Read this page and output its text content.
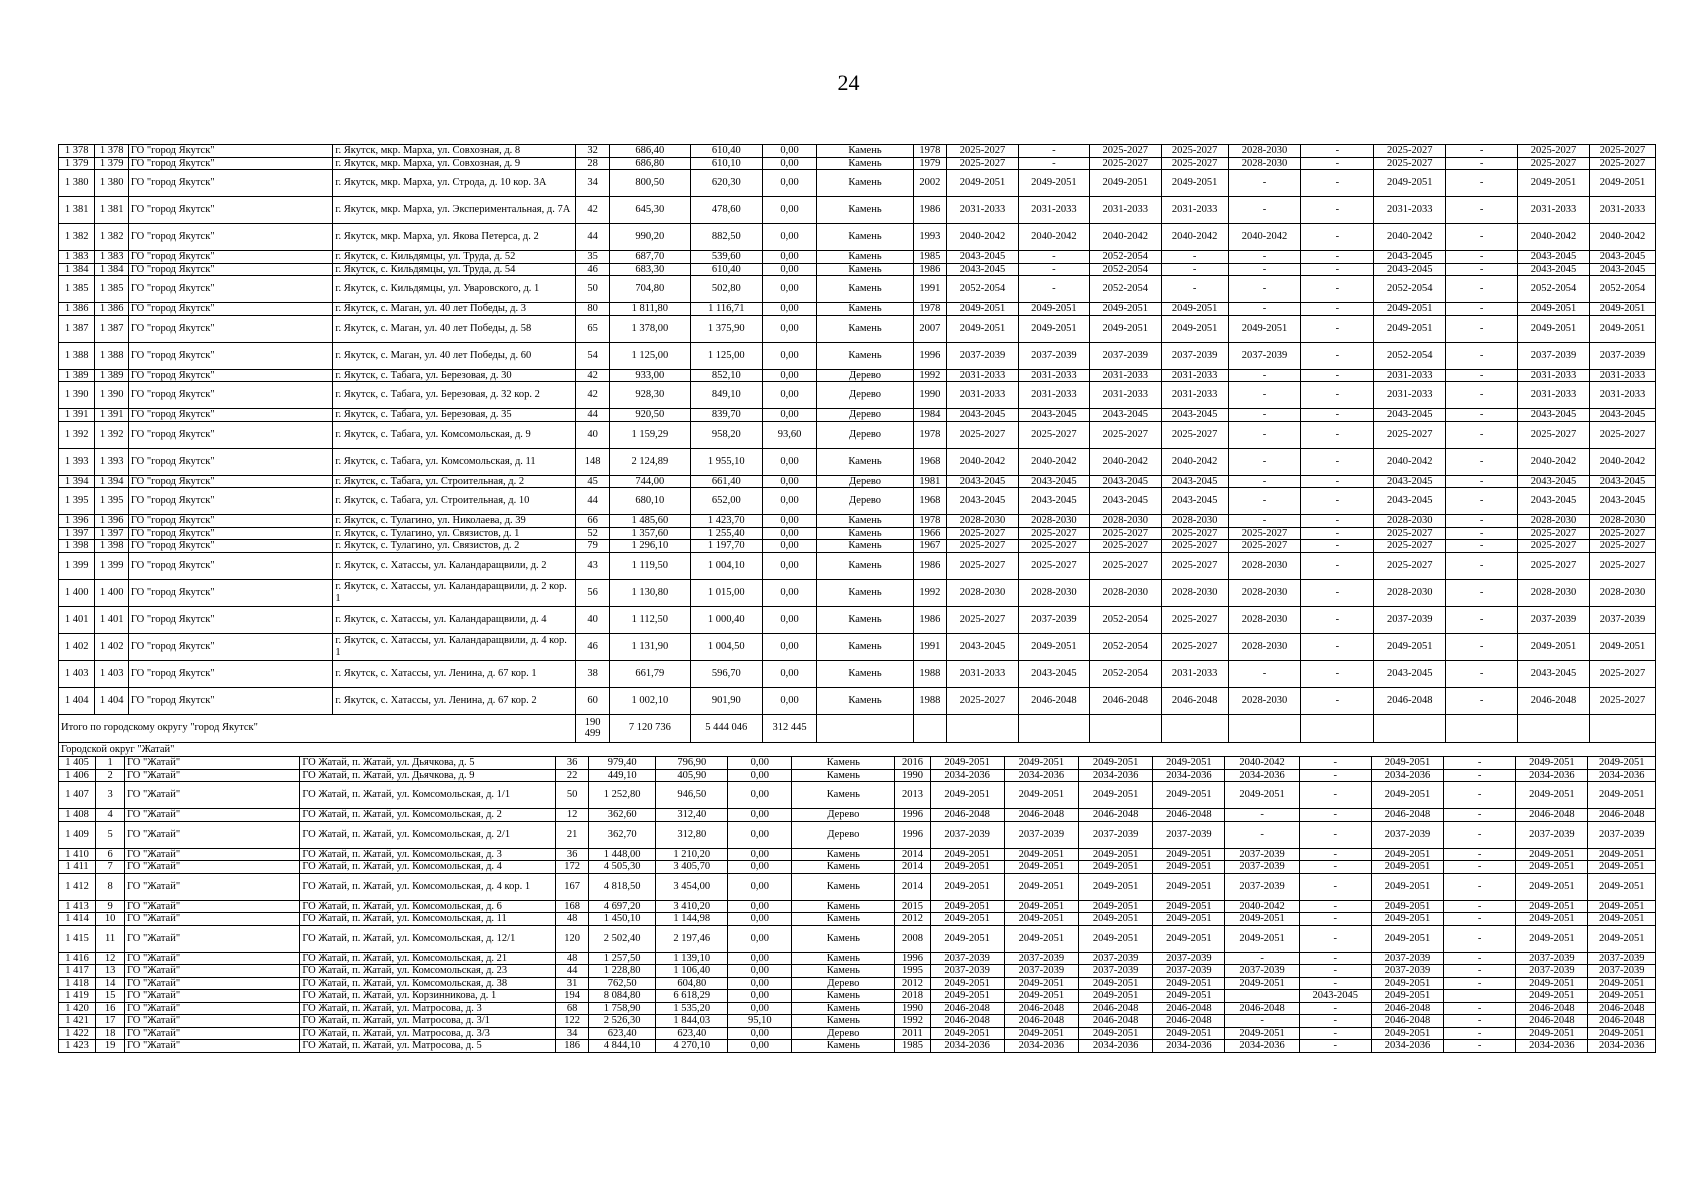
24
1 378	1 378	ГО "город Якутск"	г. Якутск, мкр. Марха, ул. Совхозная, д. 8	32	686,40	610,40	0,00	Камень	1978	2025-2027	-	2025-2027	2025-2027	2028-2030	-	2025-2027	-	2025-2027	2025-2027
1 379	1 379	ГО "город Якутск"	г. Якутск, мкр. Марха, ул. Совхозная, д. 9	28	686,80	610,10	0,00	Камень	1979	2025-2027	-	2025-2027	2025-2027	2028-2030	-	2025-2027	-	2025-2027	2025-2027
1 380	1 380	ГО "город Якутск"	г. Якутск, мкр. Марха, ул. Строда, д. 10 кор. 3А	34	800,50	620,30	0,00	Камень	2002	2049-2051	2049-2051	2049-2051	2049-2051	-	-	2049-2051	-	2049-2051	2049-2051
1 381	1 381	ГО "город Якутск"	г. Якутск, мкр. Марха, ул. Экспериментальная, д. 7А	42	645,30	478,60	0,00	Камень	1986	2031-2033	2031-2033	2031-2033	2031-2033	-	-	2031-2033	-	2031-2033	2031-2033
1 382	1 382	ГО "город Якутск"	г. Якутск, мкр. Марха, ул. Якова Петерса, д. 2	44	990,20	882,50	0,00	Камень	1993	2040-2042	2040-2042	2040-2042	2040-2042	2040-2042	-	2040-2042	-	2040-2042	2040-2042
1 383	1 383	ГО "город Якутск"	г. Якутск, с. Кильдямцы, ул. Труда, д. 52	35	687,70	539,60	0,00	Камень	1985	2043-2045	-	2052-2054	-	-	-	2043-2045	-	2043-2045	2043-2045
1 384	1 384	ГО "город Якутск"	г. Якутск, с. Кильдямцы, ул. Труда, д. 54	46	683,30	610,40	0,00	Камень	1986	2043-2045	-	2052-2054	-	-	-	2043-2045	-	2043-2045	2043-2045
1 385	1 385	ГО "город Якутск"	г. Якутск, с. Кильдямцы, ул. Уваровского, д. 1	50	704,80	502,80	0,00	Камень	1991	2052-2054	-	2052-2054	-	-	-	2052-2054	-	2052-2054	2052-2054
1 386	1 386	ГО "город Якутск"	г. Якутск, с. Маган, ул. 40 лет Победы, д. 3	80	1 811,80	1 116,71	0,00	Камень	1978	2049-2051	2049-2051	2049-2051	2049-2051	-	-	2049-2051	-	2049-2051	2049-2051
1 387	1 387	ГО "город Якутск"	г. Якутск, с. Маган, ул. 40 лет Победы, д. 58	65	1 378,00	1 375,90	0,00	Камень	2007	2049-2051	2049-2051	2049-2051	2049-2051	2049-2051	-	2049-2051	-	2049-2051	2049-2051
1 388	1 388	ГО "город Якутск"	г. Якутск, с. Маган, ул. 40 лет Победы, д. 60	54	1 125,00	1 125,00	0,00	Камень	1996	2037-2039	2037-2039	2037-2039	2037-2039	2037-2039	-	2052-2054	-	2037-2039	2037-2039
1 389	1 389	ГО "город Якутск"	г. Якутск, с. Табага, ул. Березовая, д. 30	42	933,00	852,10	0,00	Дерево	1992	2031-2033	2031-2033	2031-2033	2031-2033	-	-	2031-2033	-	2031-2033	2031-2033
1 390	1 390	ГО "город Якутск"	г. Якутск, с. Табага, ул. Березовая, д. 32 кор. 2	42	928,30	849,10	0,00	Дерево	1990	2031-2033	2031-2033	2031-2033	2031-2033	-	-	2031-2033	-	2031-2033	2031-2033
1 391	1 391	ГО "город Якутск"	г. Якутск, с. Табага, ул. Березовая, д. 35	44	920,50	839,70	0,00	Дерево	1984	2043-2045	2043-2045	2043-2045	2043-2045	-	-	2043-2045	-	2043-2045	2043-2045
1 392	1 392	ГО "город Якутск"	г. Якутск, с. Табага, ул. Комсомольская, д. 9	40	1 159,29	958,20	93,60	Дерево	1978	2025-2027	2025-2027	2025-2027	2025-2027	-	-	2025-2027	-	2025-2027	2025-2027
1 393	1 393	ГО "город Якутск"	г. Якутск, с. Табага, ул. Комсомольская, д. 11	148	2 124,89	1 955,10	0,00	Камень	1968	2040-2042	2040-2042	2040-2042	2040-2042	-	-	2040-2042	-	2040-2042	2040-2042
1 394	1 394	ГО "город Якутск"	г. Якутск, с. Табага, ул. Строительная, д. 2	45	744,00	661,40	0,00	Дерево	1981	2043-2045	2043-2045	2043-2045	2043-2045	-	-	2043-2045	-	2043-2045	2043-2045
1 395	1 395	ГО "город Якутск"	г. Якутск, с. Табага, ул. Строительная, д. 10	44	680,10	652,00	0,00	Дерево	1968	2043-2045	2043-2045	2043-2045	2043-2045	-	-	2043-2045	-	2043-2045	2043-2045
1 396	1 396	ГО "город Якутск"	г. Якутск, с. Тулагино, ул. Николаева, д. 39	66	1 485,60	1 423,70	0,00	Камень	1978	2028-2030	2028-2030	2028-2030	2028-2030	-	-	2028-2030	-	2028-2030	2028-2030
1 397	1 397	ГО "город Якутск"	г. Якутск, с. Тулагино, ул. Связистов, д. 1	52	1 357,60	1 255,40	0,00	Камень	1966	2025-2027	2025-2027	2025-2027	2025-2027	2025-2027	-	2025-2027	-	2025-2027	2025-2027
1 398	1 398	ГО "город Якутск"	г. Якутск, с. Тулагино, ул. Связистов, д. 2	79	1 296,10	1 197,70	0,00	Камень	1967	2025-2027	2025-2027	2025-2027	2025-2027	2025-2027	-	2025-2027	-	2025-2027	2025-2027
1 399	1 399	ГО "город Якутск"	г. Якутск, с. Хатассы, ул. Каландаращвили, д. 2	43	1 119,50	1 004,10	0,00	Камень	1986	2025-2027	2025-2027	2025-2027	2025-2027	2028-2030	-	2025-2027	-	2025-2027	2025-2027
1 400	1 400	ГО "город Якутск"	г. Якутск, с. Хатассы, ул. Каландаращвили, д. 2 кор. 1	56	1 130,80	1 015,00	0,00	Камень	1992	2028-2030	2028-2030	2028-2030	2028-2030	2028-2030	-	2028-2030	-	2028-2030	2028-2030
1 401	1 401	ГО "город Якутск"	г. Якутск, с. Хатассы, ул. Каландаращвили, д. 4	40	1 112,50	1 000,40	0,00	Камень	1986	2025-2027	2037-2039	2052-2054	2025-2027	2028-2030	-	2037-2039	-	2037-2039	2037-2039
1 402	1 402	ГО "город Якутск"	г. Якутск, с. Хатассы, ул. Каландаращвили, д. 4 кор. 1	46	1 131,90	1 004,50	0,00	Камень	1991	2043-2045	2049-2051	2052-2054	2025-2027	2028-2030	-	2049-2051	-	2049-2051	2049-2051
1 403	1 403	ГО "город Якутск"	г. Якутск, с. Хатассы, ул. Ленина, д. 67 кор. 1	38	661,79	596,70	0,00	Камень	1988	2031-2033	2043-2045	2052-2054	2031-2033	-	-	2043-2045	-	2043-2045	2025-2027
1 404	1 404	ГО "город Якутск"	г. Якутск, с. Хатассы, ул. Ленина, д. 67 кор. 2	60	1 002,10	901,90	0,00	Камень	1988	2025-2027	2046-2048	2046-2048	2046-2048	2028-2030	-	2046-2048	-	2046-2048	2025-2027
Итого по городскому округу "город Якутск"				190 499	7 120 736	5 444 046	312 445												
Городской округ "Жатай"																			
1 405	1	ГО "Жатай"	ГО Жатай, п. Жатай, ул. Дьячкова, д. 5	36	979,40	796,90	0,00	Камень	2016	2049-2051	2049-2051	2049-2051	2049-2051	2040-2042	-	2049-2051	-	2049-2051	2049-2051
1 406	2	ГО "Жатай"	ГО Жатай, п. Жатай, ул. Дьячкова, д. 9	22	449,10	405,90	0,00	Камень	1990	2034-2036	2034-2036	2034-2036	2034-2036	2034-2036	-	2034-2036	-	2034-2036	2034-2036
1 407	3	ГО "Жатай"	ГО Жатай, п. Жатай, ул. Комсомольская, д. 1/1	50	1 252,80	946,50	0,00	Камень	2013	2049-2051	2049-2051	2049-2051	2049-2051	2049-2051	-	2049-2051	-	2049-2051	2049-2051
1 408	4	ГО "Жатай"	ГО Жатай, п. Жатай, ул. Комсомольская, д. 2	12	362,60	312,40	0,00	Дерево	1996	2046-2048	2046-2048	2046-2048	2046-2048	-	-	2046-2048	-	2046-2048	2046-2048
1 409	5	ГО "Жатай"	ГО Жатай, п. Жатай, ул. Комсомольская, д. 2/1	21	362,70	312,80	0,00	Дерево	1996	2037-2039	2037-2039	2037-2039	2037-2039	-	-	2037-2039	-	2037-2039	2037-2039
1 410	6	ГО "Жатай"	ГО Жатай, п. Жатай, ул. Комсомольская, д. 3	36	1 448,00	1 210,20	0,00	Камень	2014	2049-2051	2049-2051	2049-2051	2049-2051	2037-2039	-	2049-2051	-	2049-2051	2049-2051
1 411	7	ГО "Жатай"	ГО Жатай, п. Жатай, ул. Комсомольская, д. 4	172	4 505,30	3 405,70	0,00	Камень	2014	2049-2051	2049-2051	2049-2051	2049-2051	2037-2039	-	2049-2051	-	2049-2051	2049-2051
1 412	8	ГО "Жатай"	ГО Жатай, п. Жатай, ул. Комсомольская, д. 4 кор. 1	167	4 818,50	3 454,00	0,00	Камень	2014	2049-2051	2049-2051	2049-2051	2049-2051	2037-2039	-	2049-2051	-	2049-2051	2049-2051
1 413	9	ГО "Жатай"	ГО Жатай, п. Жатай, ул. Комсомольская, д. 6	168	4 697,20	3 410,20	0,00	Камень	2015	2049-2051	2049-2051	2049-2051	2049-2051	2040-2042	-	2049-2051	-	2049-2051	2049-2051
1 414	10	ГО "Жатай"	ГО Жатай, п. Жатай, ул. Комсомольская, д. 11	48	1 450,10	1 144,98	0,00	Камень	2012	2049-2051	2049-2051	2049-2051	2049-2051	2049-2051	-	2049-2051	-	2049-2051	2049-2051
1 415	11	ГО "Жатай"	ГО Жатай, п. Жатай, ул. Комсомольская, д. 12/1	120	2 502,40	2 197,46	0,00	Камень	2008	2049-2051	2049-2051	2049-2051	2049-2051	2049-2051	-	2049-2051	-	2049-2051	2049-2051
1 416	12	ГО "Жатай"	ГО Жатай, п. Жатай, ул. Комсомольская, д. 21	48	1 257,50	1 139,10	0,00	Камень	1996	2037-2039	2037-2039	2037-2039	2037-2039	-	-	2037-2039	-	2037-2039	2037-2039
1 417	13	ГО "Жатай"	ГО Жатай, п. Жатай, ул. Комсомольская, д. 23	44	1 228,80	1 106,40	0,00	Камень	1995	2037-2039	2037-2039	2037-2039	2037-2039	2037-2039	-	2037-2039	-	2037-2039	2037-2039
1 418	14	ГО "Жатай"	ГО Жатай, п. Жатай, ул. Комсомольская, д. 38	31	762,50	604,80	0,00	Дерево	2012	2049-2051	2049-2051	2049-2051	2049-2051	2049-2051	-	2049-2051	-	2049-2051	2049-2051
1 419	15	ГО "Жатай"	ГО Жатай, п. Жатай, ул. Корзинникова, д. 1	194	8 084,80	6 618,29	0,00	Камень	2018	2049-2051	2049-2051	2049-2051	2049-2051		2043-2045	2049-2051		2049-2051	2049-2051
1 420	16	ГО "Жатай"	ГО Жатай, п. Жатай, ул. Матросова, д. 3	68	1 758,90	1 535,20	0,00	Камень	1990	2046-2048	2046-2048	2046-2048	2046-2048	2046-2048	-	2046-2048	-	2046-2048	2046-2048
1 421	17	ГО "Жатай"	ГО Жатай, п. Жатай, ул. Матросова, д. 3/1	122	2 526,30	1 844,03	95,10	Камень	1992	2046-2048	2046-2048	2046-2048	2046-2048	-	-	2046-2048	-	2046-2048	2046-2048
1 422	18	ГО "Жатай"	ГО Жатай, п. Жатай, ул. Матросова, д. 3/3	34	623,40	623,40	0,00	Дерево	2011	2049-2051	2049-2051	2049-2051	2049-2051	2049-2051	-	2049-2051	-	2049-2051	2049-2051
1 423	19	ГО "Жатай"	ГО Жатай, п. Жатай, ул. Матросова, д. 5	186	4 844,10	4 270,10	0,00	Камень	1985	2034-2036	2034-2036	2034-2036	2034-2036	2034-2036	-	2034-2036	-	2034-2036	2034-2036
